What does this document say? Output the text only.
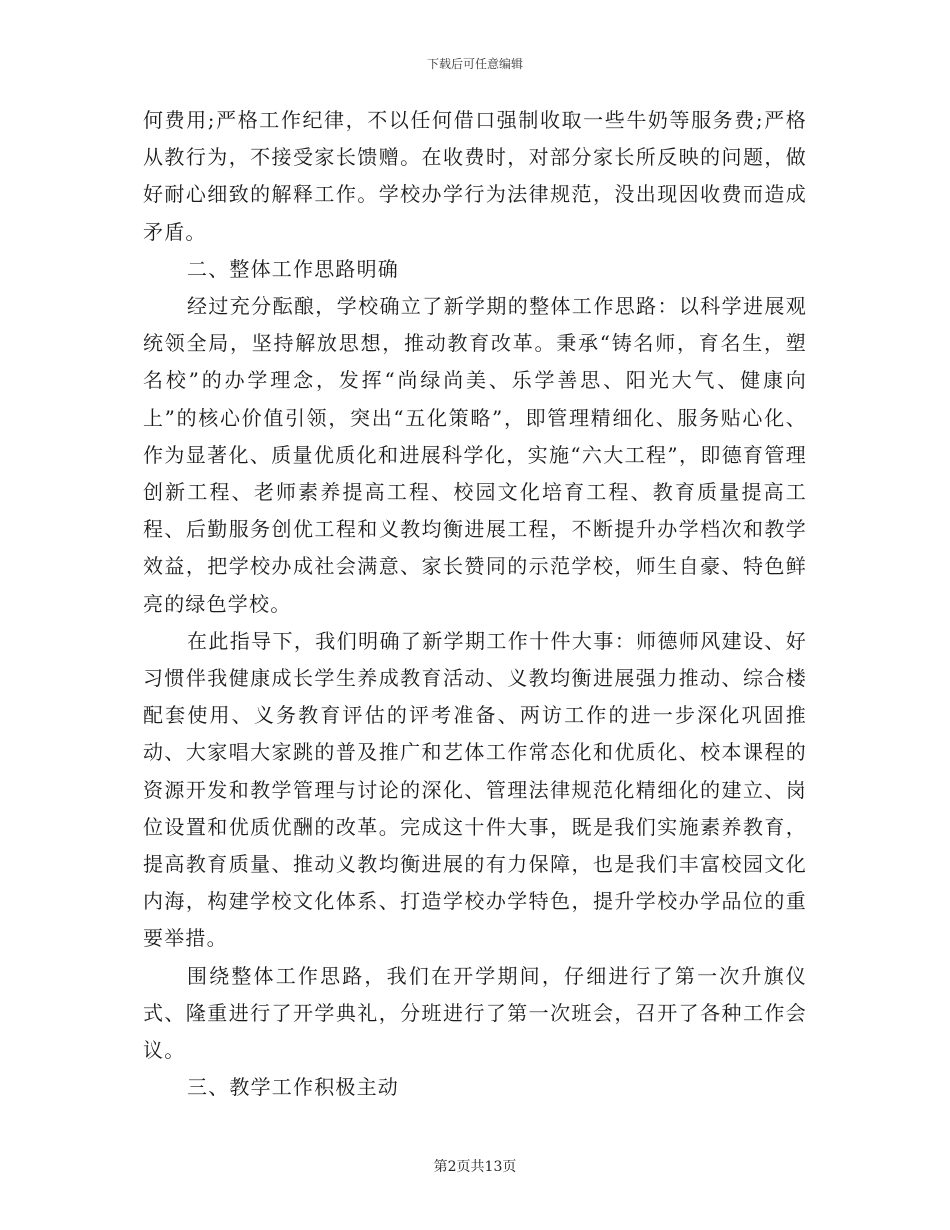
下载后可任意编辑

何费用;严格工作纪律，不以任何借口强制收取一些牛奶等服务费;严格从教行为，不接受家长馈赠。在收费时，对部分家长所反映的问题，做好耐心细致的解释工作。学校办学行为法律规范，没出现因收费而造成矛盾。

二、整体工作思路明确

经过充分酝酿，学校确立了新学期的整体工作思路：以科学进展观统领全局，坚持解放思想，推动教育改革。秉承“铸名师，育名生，塑名校”的办学理念，发挥“尚绿尚美、乐学善思、阳光大气、健康向上”的核心价值引领，突出“五化策略”，即管理精细化、服务贴心化、作为显著化、质量优质化和进展科学化，实施“六大工程”，即德育管理创新工程、老师素养提高工程、校园文化培育工程、教育质量提高工程、后勤服务创优工程和义教均衡进展工程，不断提升办学档次和教学效益，把学校办成社会满意、家长赞同的示范学校，师生自豪、特色鲜亮的绿色学校。

在此指导下，我们明确了新学期工作十件大事：师德师风建设、好习惯伴我健康成长学生养成教育活动、义教均衡进展强力推动、综合楼配套使用、义务教育评估的评考准备、两访工作的进一步深化巩固推动、大家唱大家跳的普及推广和艺体工作常态化和优质化、校本课程的资源开发和教学管理与讨论的深化、管理法律规范化精细化的建立、岗位设置和优质优酬的改革。完成这十件大事，既是我们实施素养教育，提高教育质量、推动义教均衡进展的有力保障，也是我们丰富校园文化内海，构建学校文化体系、打造学校办学特色，提升学校办学品位的重要举措。

围绕整体工作思路，我们在开学期间，仔细进行了第一次升旗仪式、隆重进行了开学典礼，分班进行了第一次班会，召开了各种工作会议。

三、教学工作积极主动

第2页共13页
